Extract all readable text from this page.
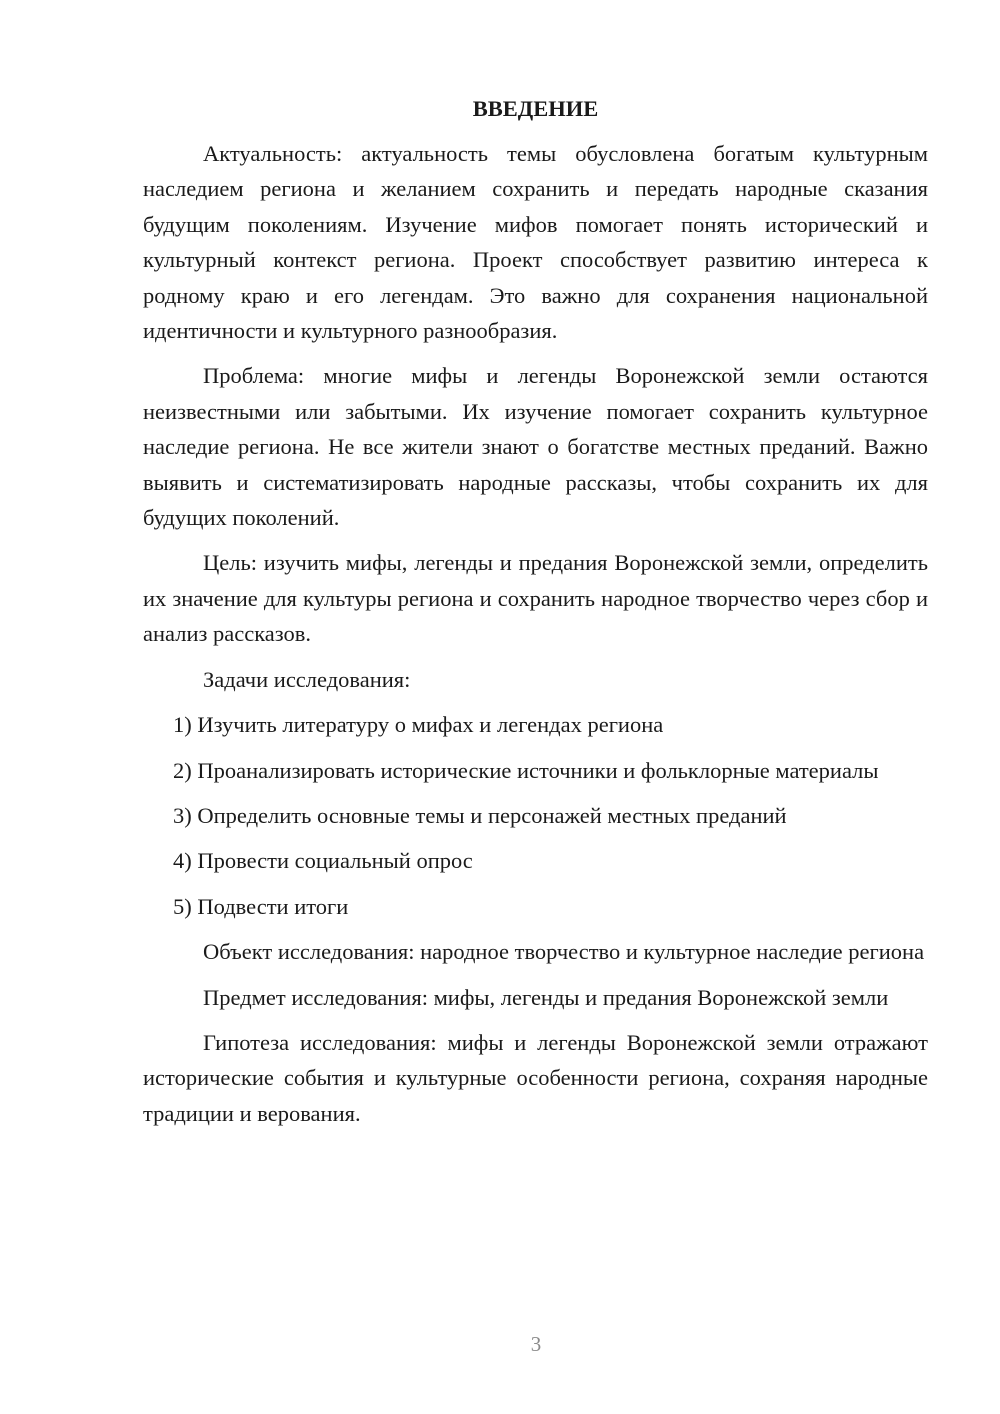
ВВЕДЕНИЕ

Актуальность: актуальность темы обусловлена богатым культурным наследием региона и желанием сохранить и передать народные сказания будущим поколениям. Изучение мифов помогает понять исторический и культурный контекст региона. Проект способствует развитию интереса к родному краю и его легендам. Это важно для сохранения национальной идентичности и культурного разнообразия.

Проблема: многие мифы и легенды Воронежской земли остаются неизвестными или забытыми. Их изучение помогает сохранить культурное наследие региона. Не все жители знают о богатстве местных преданий. Важно выявить и систематизировать народные рассказы, чтобы сохранить их для будущих поколений.

Цель: изучить мифы, легенды и предания Воронежской земли, определить их значение для культуры региона и сохранить народное творчество через сбор и анализ рассказов.

Задачи исследования:

1) Изучить литературу о мифах и легендах региона

2) Проанализировать исторические источники и фольклорные материалы

3) Определить основные темы и персонажей местных преданий

4) Провести социальный опрос

5) Подвести итоги

Объект исследования: народное творчество и культурное наследие региона

Предмет исследования: мифы, легенды и предания Воронежской земли

Гипотеза исследования: мифы и легенды Воронежской земли отражают исторические события и культурные особенности региона, сохраняя народные традиции и верования.

3
